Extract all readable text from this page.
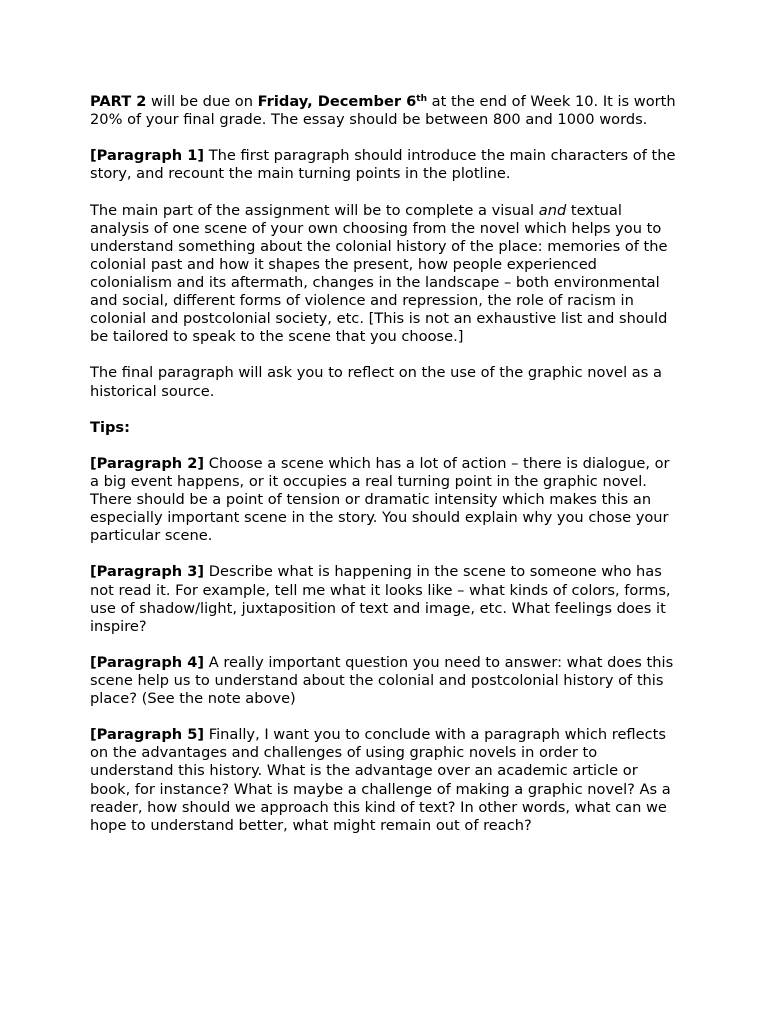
PART 2 will be due on Friday, December 6th at the end of Week 10. It is worth 20% of your final grade. The essay should be between 800 and 1000 words.

[Paragraph 1] The first paragraph should introduce the main characters of the story, and recount the main turning points in the plotline.

The main part of the assignment will be to complete a visual and textual analysis of one scene of your own choosing from the novel which helps you to understand something about the colonial history of the place: memories of the colonial past and how it shapes the present, how people experienced colonialism and its aftermath, changes in the landscape – both environmental and social, different forms of violence and repression, the role of racism in colonial and postcolonial society, etc. [This is not an exhaustive list and should be tailored to speak to the scene that you choose.]

The final paragraph will ask you to reflect on the use of the graphic novel as a historical source.

Tips:

[Paragraph 2] Choose a scene which has a lot of action – there is dialogue, or a big event happens, or it occupies a real turning point in the graphic novel. There should be a point of tension or dramatic intensity which makes this an especially important scene in the story. You should explain why you chose your particular scene.

[Paragraph 3] Describe what is happening in the scene to someone who has not read it. For example, tell me what it looks like – what kinds of colors, forms, use of shadow/light, juxtaposition of text and image, etc. What feelings does it inspire?

[Paragraph 4] A really important question you need to answer: what does this scene help us to understand about the colonial and postcolonial history of this place? (See the note above)

[Paragraph 5] Finally, I want you to conclude with a paragraph which reflects on the advantages and challenges of using graphic novels in order to understand this history. What is the advantage over an academic article or book, for instance? What is maybe a challenge of making a graphic novel? As a reader, how should we approach this kind of text? In other words, what can we hope to understand better, what might remain out of reach?
